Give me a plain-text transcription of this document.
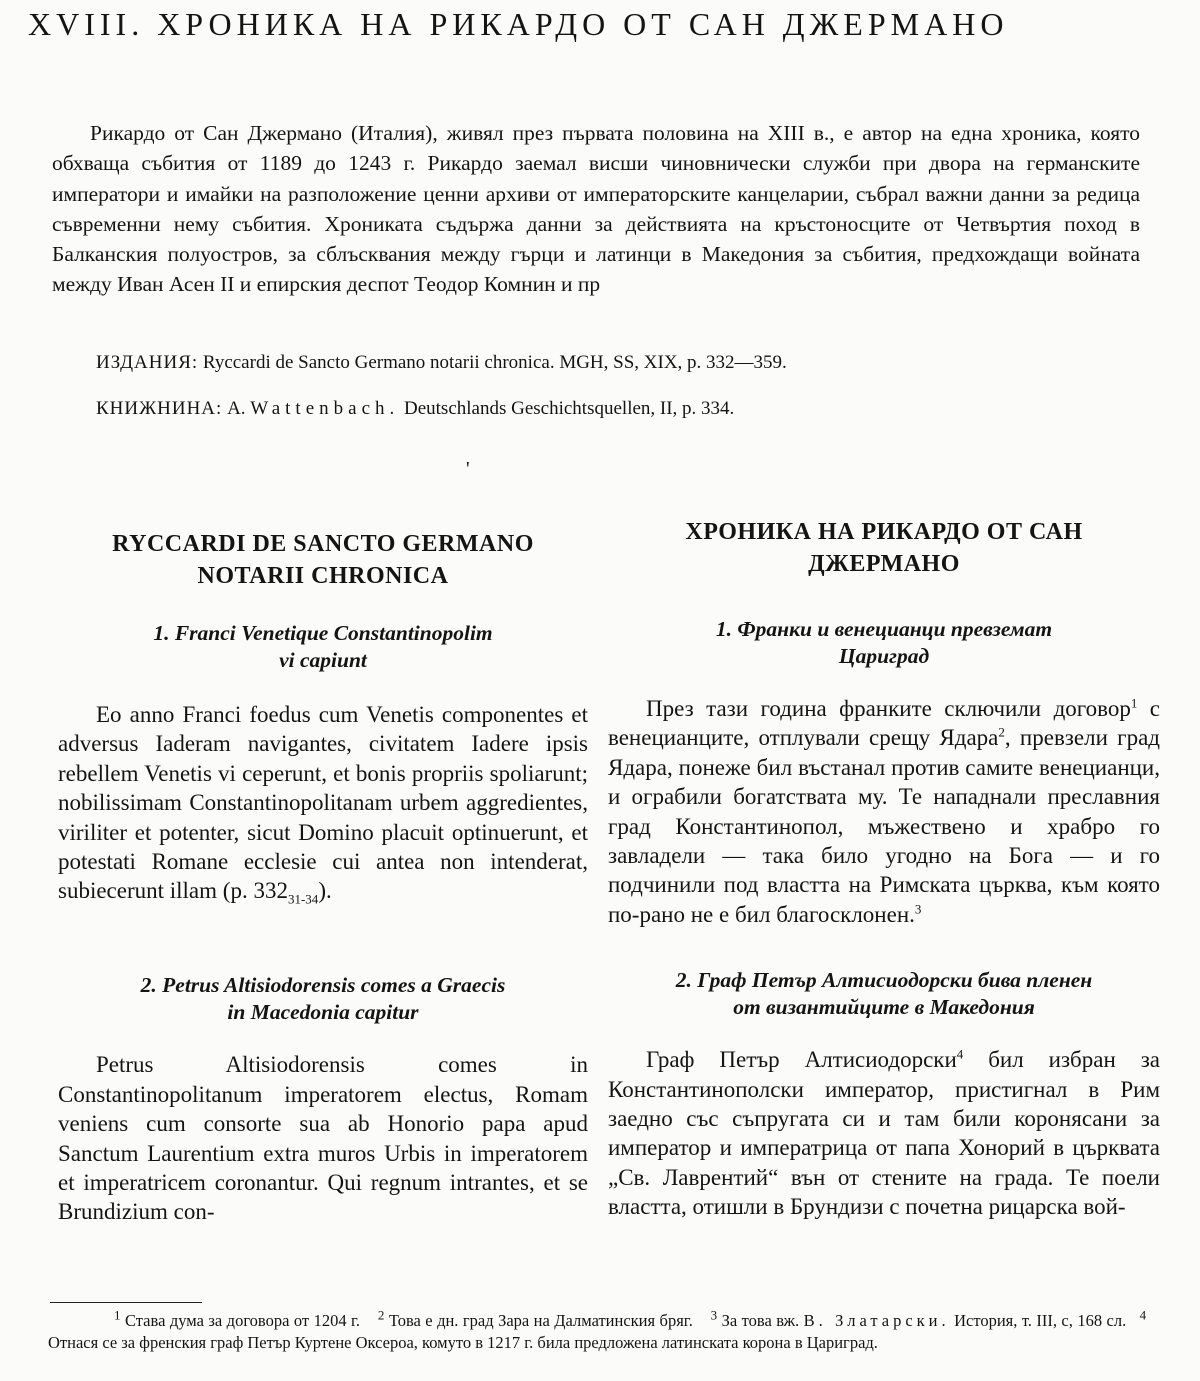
XVIII. ХРОНИКА НА РИКАРДО ОТ САН ДЖЕРМАНО

Рикардо от Сан Джермано (Италия), живял през първата половина на XIII в., е автор на една хроника, която обхваща събития от 1189 до 1243 г. Рикардо заемал висши чиновнически служби при двора на германските императори и имайки на разположение ценни архиви от императорските канцеларии, събрал важни данни за редица съвременни нему събития. Хрониката съдържа данни за действията на кръстоносците от Четвъртия поход в Балканския полуостров, за сблъсквания между гърци и латинци в Македония за събития, предхождащи войната между Иван Асен II и епирския деспот Теодор Комнин и пр

ИЗДАНИЯ: Ryccardi de Sancto Germano notarii chronica. MGH, SS, XIX, p. 332—359.
КНИЖНИНА: A. Wattenbach. Deutschlands Geschichtsquellen, II, p. 334.
'
RYCCARDI DE SANCTO GERMANO
NOTARII CHRONICA
1. Franci Venetique Constantinopolim
vi capiunt

Eo anno Franci foedus cum Venetis componentes et adversus Iaderam navigantes, civitatem Iadere ipsis rebellem Venetis vi ceperunt, et bonis propriis spoliarunt; nobilissimam Constantinopolitanam urbem aggredientes, viriliter et potenter, sicut Domino placuit optinuerunt, et potestati Romane ecclesie cui antea non intenderat, subiecerunt illam (p. $332_{31-34}$).

2. Petrus Altisiodorensis comes a Graecis
in Macedonia capitur

Petrus Altisiodorensis comes in Constantinopolitanum imperatorem electus, Romam veniens cum consorte sua ab Honorio papa apud Sanctum Laurentium extra muros Urbis in imperatorem et imperatricem coronantur. Qui regnum intrantes, et se Brundizium con-

ХРОНИКА НА РИКАРДО ОТ САН
ДЖЕРМАНО
1. Франки и венецианци превземат
Цариград

През тази година франките сключили договор$^1$ с венецианците, отплували срещу Ядара$^2$, превзели град Ядара, понеже бил въстанал против самите венецианци, и ограбили богатствата му. Те нападнали преславния град Константинопол, мъжествено и храбро го завладели — така било угодно на Бога — и го подчинили под властта на Римската църква, към която по-рано не е бил благосклонен.$^3$

2. Граф Петър Алтисиодорски бива пленен
от византийците в Македония

Граф Петър Алтисиодорски$^4$ бил избран за Константинополски император, пристигнал в Рим заедно със съпругата си и там били коронясани за император и императрица от папа Хонорий в църквата „Св. Лаврентий“ вън от стените на града. Те поели властта, отишли в Брундизи с почетна рицарска вой-

$^1$ Става дума за договора от 1204 г. $^2$ Това е дн. град Зара на Далматинския бряг. $^3$ За това вж. В. Златарски. История, т. III, с, 168 сл. $^4$ Отнася се за френския граф Петър Куртене Оксероа, комуто в 1217 г. била предложена латинската корона в Цариград.
